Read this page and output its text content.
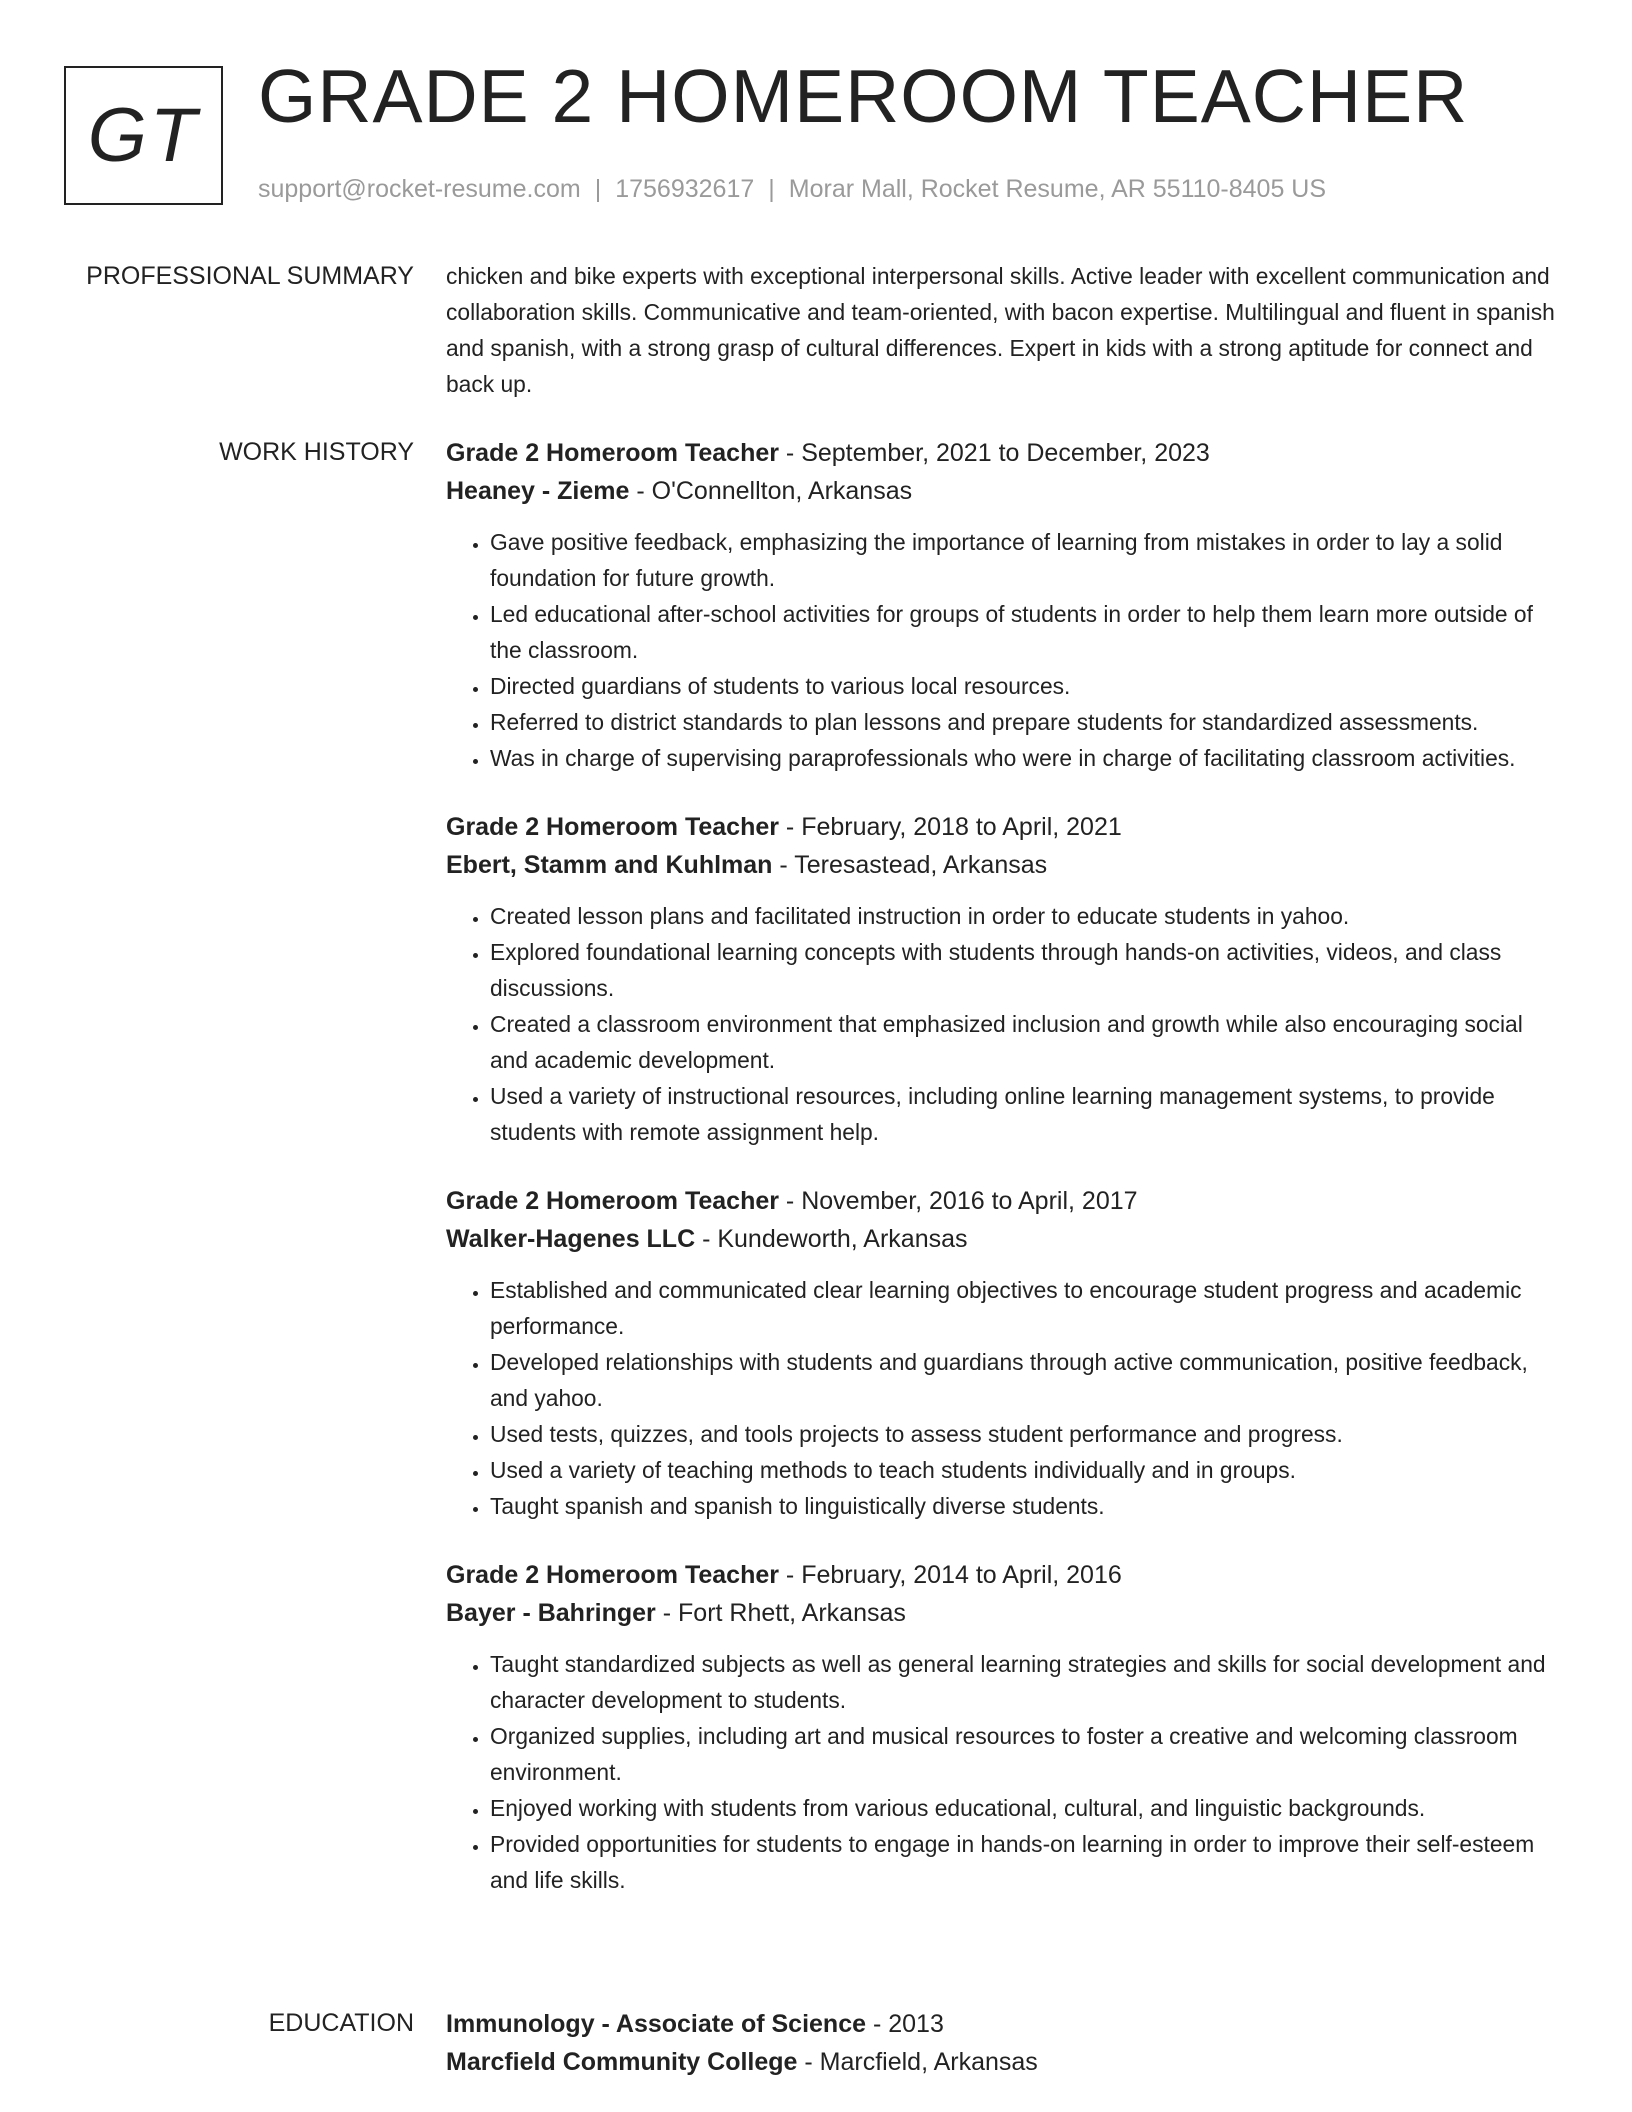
GT GRADE 2 HOMEROOM TEACHER
support@rocket-resume.com | 1756932617 | Morar Mall, Rocket Resume, AR 55110-8405 US
PROFESSIONAL SUMMARY chicken and bike experts with exceptional interpersonal skills. Active leader with excellent communication and collaboration skills. Communicative and team-oriented, with bacon expertise. Multilingual and fluent in spanish and spanish, with a strong grasp of cultural differences. Expert in kids with a strong aptitude for connect and back up.

WORK HISTORY Grade 2 Homeroom Teacher - September, 2021 to December, 2023
Heaney - Zieme - O'Connellton, Arkansas
• Gave positive feedback, emphasizing the importance of learning from mistakes in order to lay a solid foundation for future growth.
• Led educational after-school activities for groups of students in order to help them learn more outside of the classroom.
• Directed guardians of students to various local resources.
• Referred to district standards to plan lessons and prepare students for standardized assessments.
• Was in charge of supervising paraprofessionals who were in charge of facilitating classroom activities.
Grade 2 Homeroom Teacher - February, 2018 to April, 2021
Ebert, Stamm and Kuhlman - Teresastead, Arkansas
• Created lesson plans and facilitated instruction in order to educate students in yahoo.
• Explored foundational learning concepts with students through hands-on activities, videos, and class discussions.
• Created a classroom environment that emphasized inclusion and growth while also encouraging social and academic development.
• Used a variety of instructional resources, including online learning management systems, to provide students with remote assignment help.
Grade 2 Homeroom Teacher - November, 2016 to April, 2017
Walker-Hagenes LLC - Kundeworth, Arkansas
• Established and communicated clear learning objectives to encourage student progress and academic performance.
• Developed relationships with students and guardians through active communication, positive feedback, and yahoo.
• Used tests, quizzes, and tools projects to assess student performance and progress.
• Used a variety of teaching methods to teach students individually and in groups.
• Taught spanish and spanish to linguistically diverse students.
Grade 2 Homeroom Teacher - February, 2014 to April, 2016
Bayer - Bahringer - Fort Rhett, Arkansas
• Taught standardized subjects as well as general learning strategies and skills for social development and character development to students.
• Organized supplies, including art and musical resources to foster a creative and welcoming classroom environment.
• Enjoyed working with students from various educational, cultural, and linguistic backgrounds.
• Provided opportunities for students to engage in hands-on learning in order to improve their self-esteem and life skills.
EDUCATION Immunology - Associate of Science - 2013
Marcfield Community College - Marcfield, Arkansas
